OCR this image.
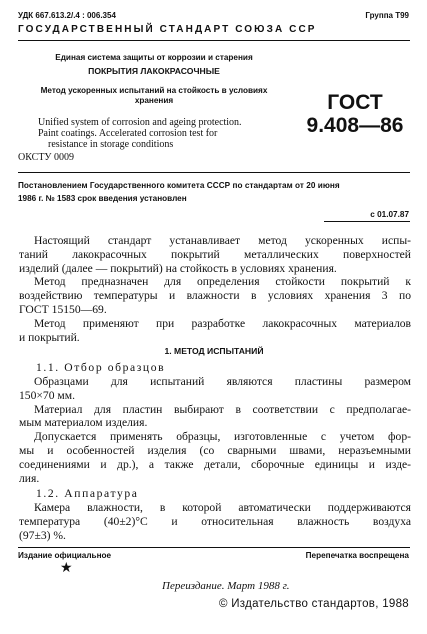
УДК 667.613.2/.4 : 006.354	Группа Т99
ГОСУДАРСТВЕННЫЙ СТАНДАРТ СОЮЗА ССР
Единая система защиты от коррозии и старения
ПОКРЫТИЯ ЛАКОКРАСОЧНЫЕ
Метод ускоренных испытаний на стойкость в условиях
хранения
Unified system of corrosion and ageing protection.
Paint coatings. Accelerated corrosion test for
resistance in storage conditions
ОКСТУ 0009
ГОСТ
9.408—86
Постановлением Государственного комитета СССР по стандартам от 20 июня
1986 г. № 1583 срок введения установлен
с 01.07.87
Настоящий стандарт устанавливает метод ускоренных испы-
таний лакокрасочных покрытий металлических поверхностей
изделий (далее — покрытий) на стойкость в условиях хранения.
Метод предназначен для определения стойкости покрытий к
воздействию температуры и влажности в условиях хранения 3 по
ГОСТ 15150—69.
Метод применяют при разработке лакокрасочных материалов
и покрытий.
1. МЕТОД ИСПЫТАНИЙ
1.1. Отбор образцов
Образцами для испытаний являются пластины размером
150×70 мм.
Материал для пластин выбирают в соответствии с предполагае-
мым материалом изделия.
Допускается применять образцы, изготовленные с учетом фор-
мы и особенностей изделия (со сварными швами, неразъемными
соединениями и др.), а также детали, сборочные единицы и изде-
лия.
1.2. Аппаратура
Камера влажности, в которой автоматически поддерживаются
температура (40±2)°С и относительная влажность воздуха
(97±3) %.
Издание официальное	Перепечатка воспрещена
★
Переиздание. Март 1988 г.
© Издательство стандартов, 1988
